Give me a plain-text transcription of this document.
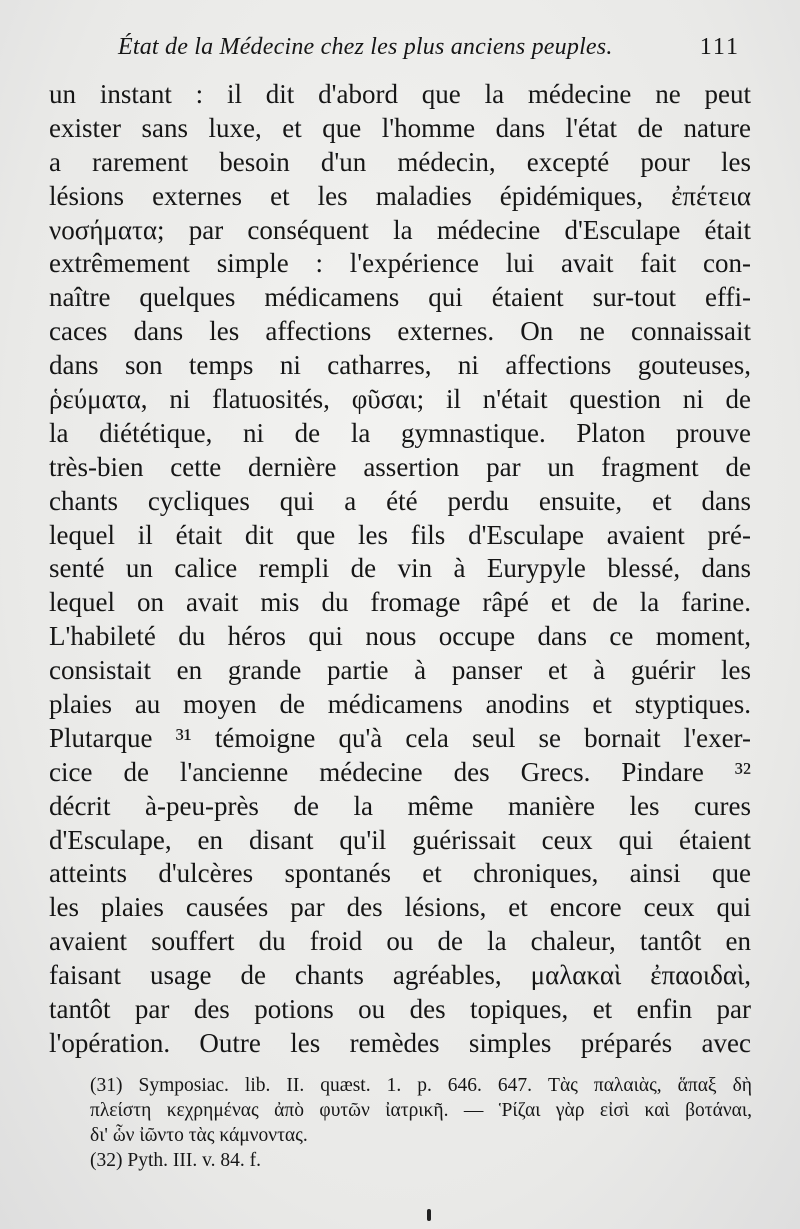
État de la Médecine chez les plus anciens peuples.	111
un instant : il dit d'abord que la médecine ne peut
exister sans luxe, et que l'homme dans l'état de nature
a rarement besoin d'un médecin, excepté pour les
lésions externes et les maladies épidémiques, ἐπέτεια
νοσήματα; par conséquent la médecine d'Esculape était
extrêmement simple : l'expérience lui avait fait con-
naître quelques médicamens qui étaient sur-tout effi-
caces dans les affections externes. On ne connaissait
dans son temps ni catharres, ni affections gouteuses,
ῥεύματα, ni flatuosités, φῦσαι; il n'était question ni de
la diététique, ni de la gymnastique. Platon prouve
très-bien cette dernière assertion par un fragment de
chants cycliques qui a été perdu ensuite, et dans
lequel il était dit que les fils d'Esculape avaient pré-
senté un calice rempli de vin à Eurypyle blessé, dans
lequel on avait mis du fromage râpé et de la farine.
L'habileté du héros qui nous occupe dans ce moment,
consistait en grande partie à panser et à guérir les
plaies au moyen de médicamens anodins et styptiques.
Plutarque ³¹ témoigne qu'à cela seul se bornait l'exer-
cice de l'ancienne médecine des Grecs. Pindare ³²
décrit à-peu-près de la même manière les cures
d'Esculape, en disant qu'il guérissait ceux qui étaient
atteints d'ulcères spontanés et chroniques, ainsi que
les plaies causées par des lésions, et encore ceux qui
avaient souffert du froid ou de la chaleur, tantôt en
faisant usage de chants agréables, μαλακαὶ ἐπαοιδαὶ,
tantôt par des potions ou des topiques, et enfin par
l'opération. Outre les remèdes simples préparés avec
(31) Symposiac. lib. II. quæst. 1. p. 646. 647. Τὰς παλαιὰς, ἅπαξ δὴ
πλείστη κεχρημένας ἀπὸ φυτῶν ἰατρικῆ. — Ῥίζαι γὰρ εἰσὶ καὶ βοτάναι,
δι' ὧν ἰῶντο τὰς κάμνοντας.
(32) Pyth. III. v. 84. f.
